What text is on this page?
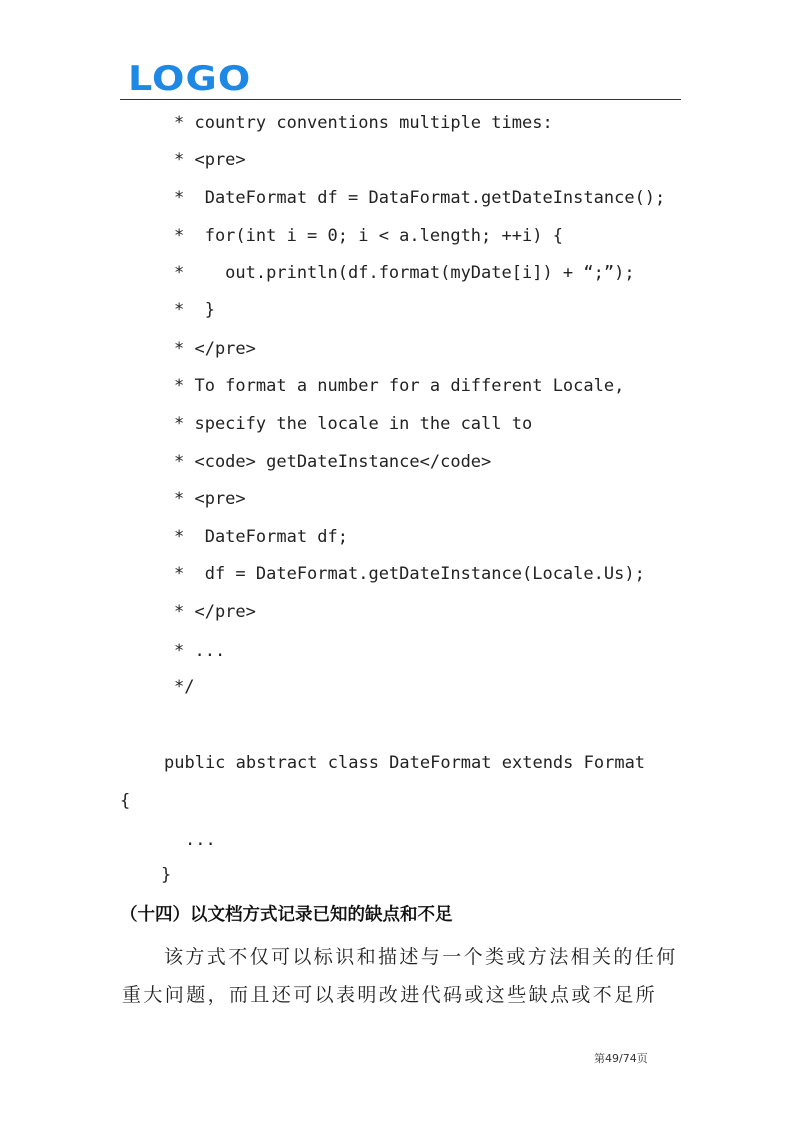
LOGO
* country conventions multiple times:
* <pre>
*  DateFormat df = DataFormat.getDateInstance();
*  for(int i = 0; i < a.length; ++i) {
*    out.println(df.format(myDate[i]) + “;”);
*  }
* </pre>
* To format a number for a different Locale,
* specify the locale in the call to
* <code> getDateInstance</code>
* <pre>
*  DateFormat df;
*  df = DateFormat.getDateInstance(Locale.Us);
* </pre>
* ...
*/
public abstract class DateFormat extends Format
{
...
}
（十四）以文档方式记录已知的缺点和不足
该方式不仅可以标识和描述与一个类或方法相关的任何重大问题，而且还可以表明改进代码或这些缺点或不足所
第49/74页
